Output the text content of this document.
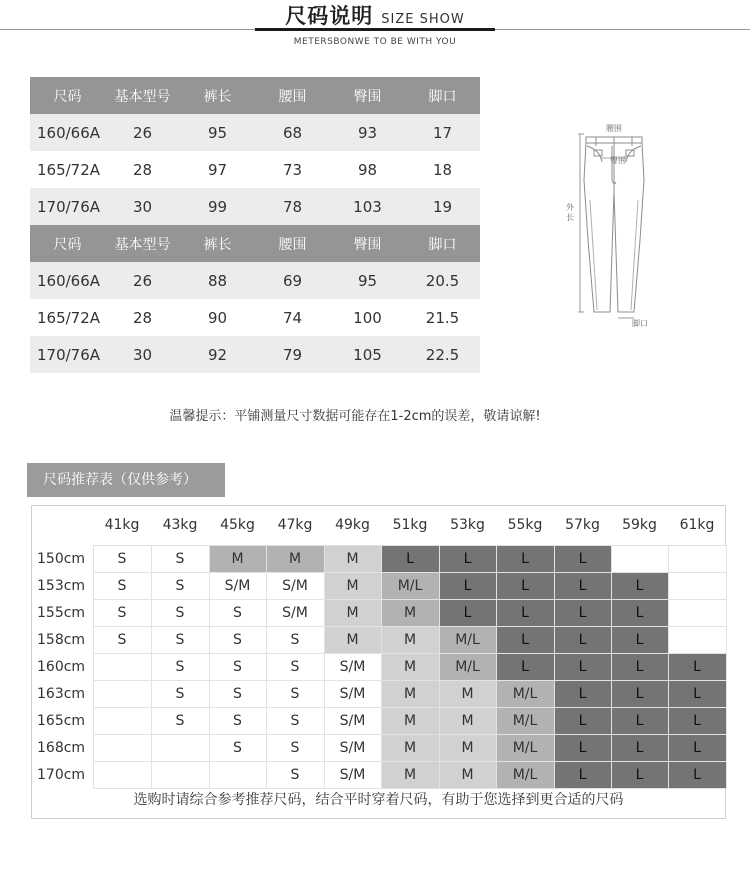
尺码说明 SIZE SHOW
METERSBONWE TO BE WITH YOU
尺码	基本型号	裤长	腰围	臀围	脚口
160/66A	26	95	68	93	17
165/72A	28	97	73	98	18
170/76A	30	99	78	103	19
尺码	基本型号	裤长	腰围	臀围	脚口
160/66A	26	88	69	95	20.5
165/72A	28	90	74	100	21.5
170/76A	30	92	79	105	22.5
腰围
臀围
外
长
脚口
温馨提示：平铺测量尺寸数据可能存在1-2cm的误差，敬请谅解!
尺码推荐表（仅供参考）
	41kg	43kg	45kg	47kg	49kg	51kg	53kg	55kg	57kg	59kg	61kg
150cm	S	S	M	M	M	L	L	L	L		
153cm	S	S	S/M	S/M	M	M/L	L	L	L	L	
155cm	S	S	S	S/M	M	M	L	L	L	L	
158cm	S	S	S	S	M	M	M/L	L	L	L	
160cm		S	S	S	S/M	M	M/L	L	L	L	L
163cm		S	S	S	S/M	M	M	M/L	L	L	L
165cm		S	S	S	S/M	M	M	M/L	L	L	L
168cm			S	S	S/M	M	M	M/L	L	L	L
170cm				S	S/M	M	M	M/L	L	L	L
选购时请综合参考推荐尺码，结合平时穿着尺码，有助于您选择到更合适的尺码
